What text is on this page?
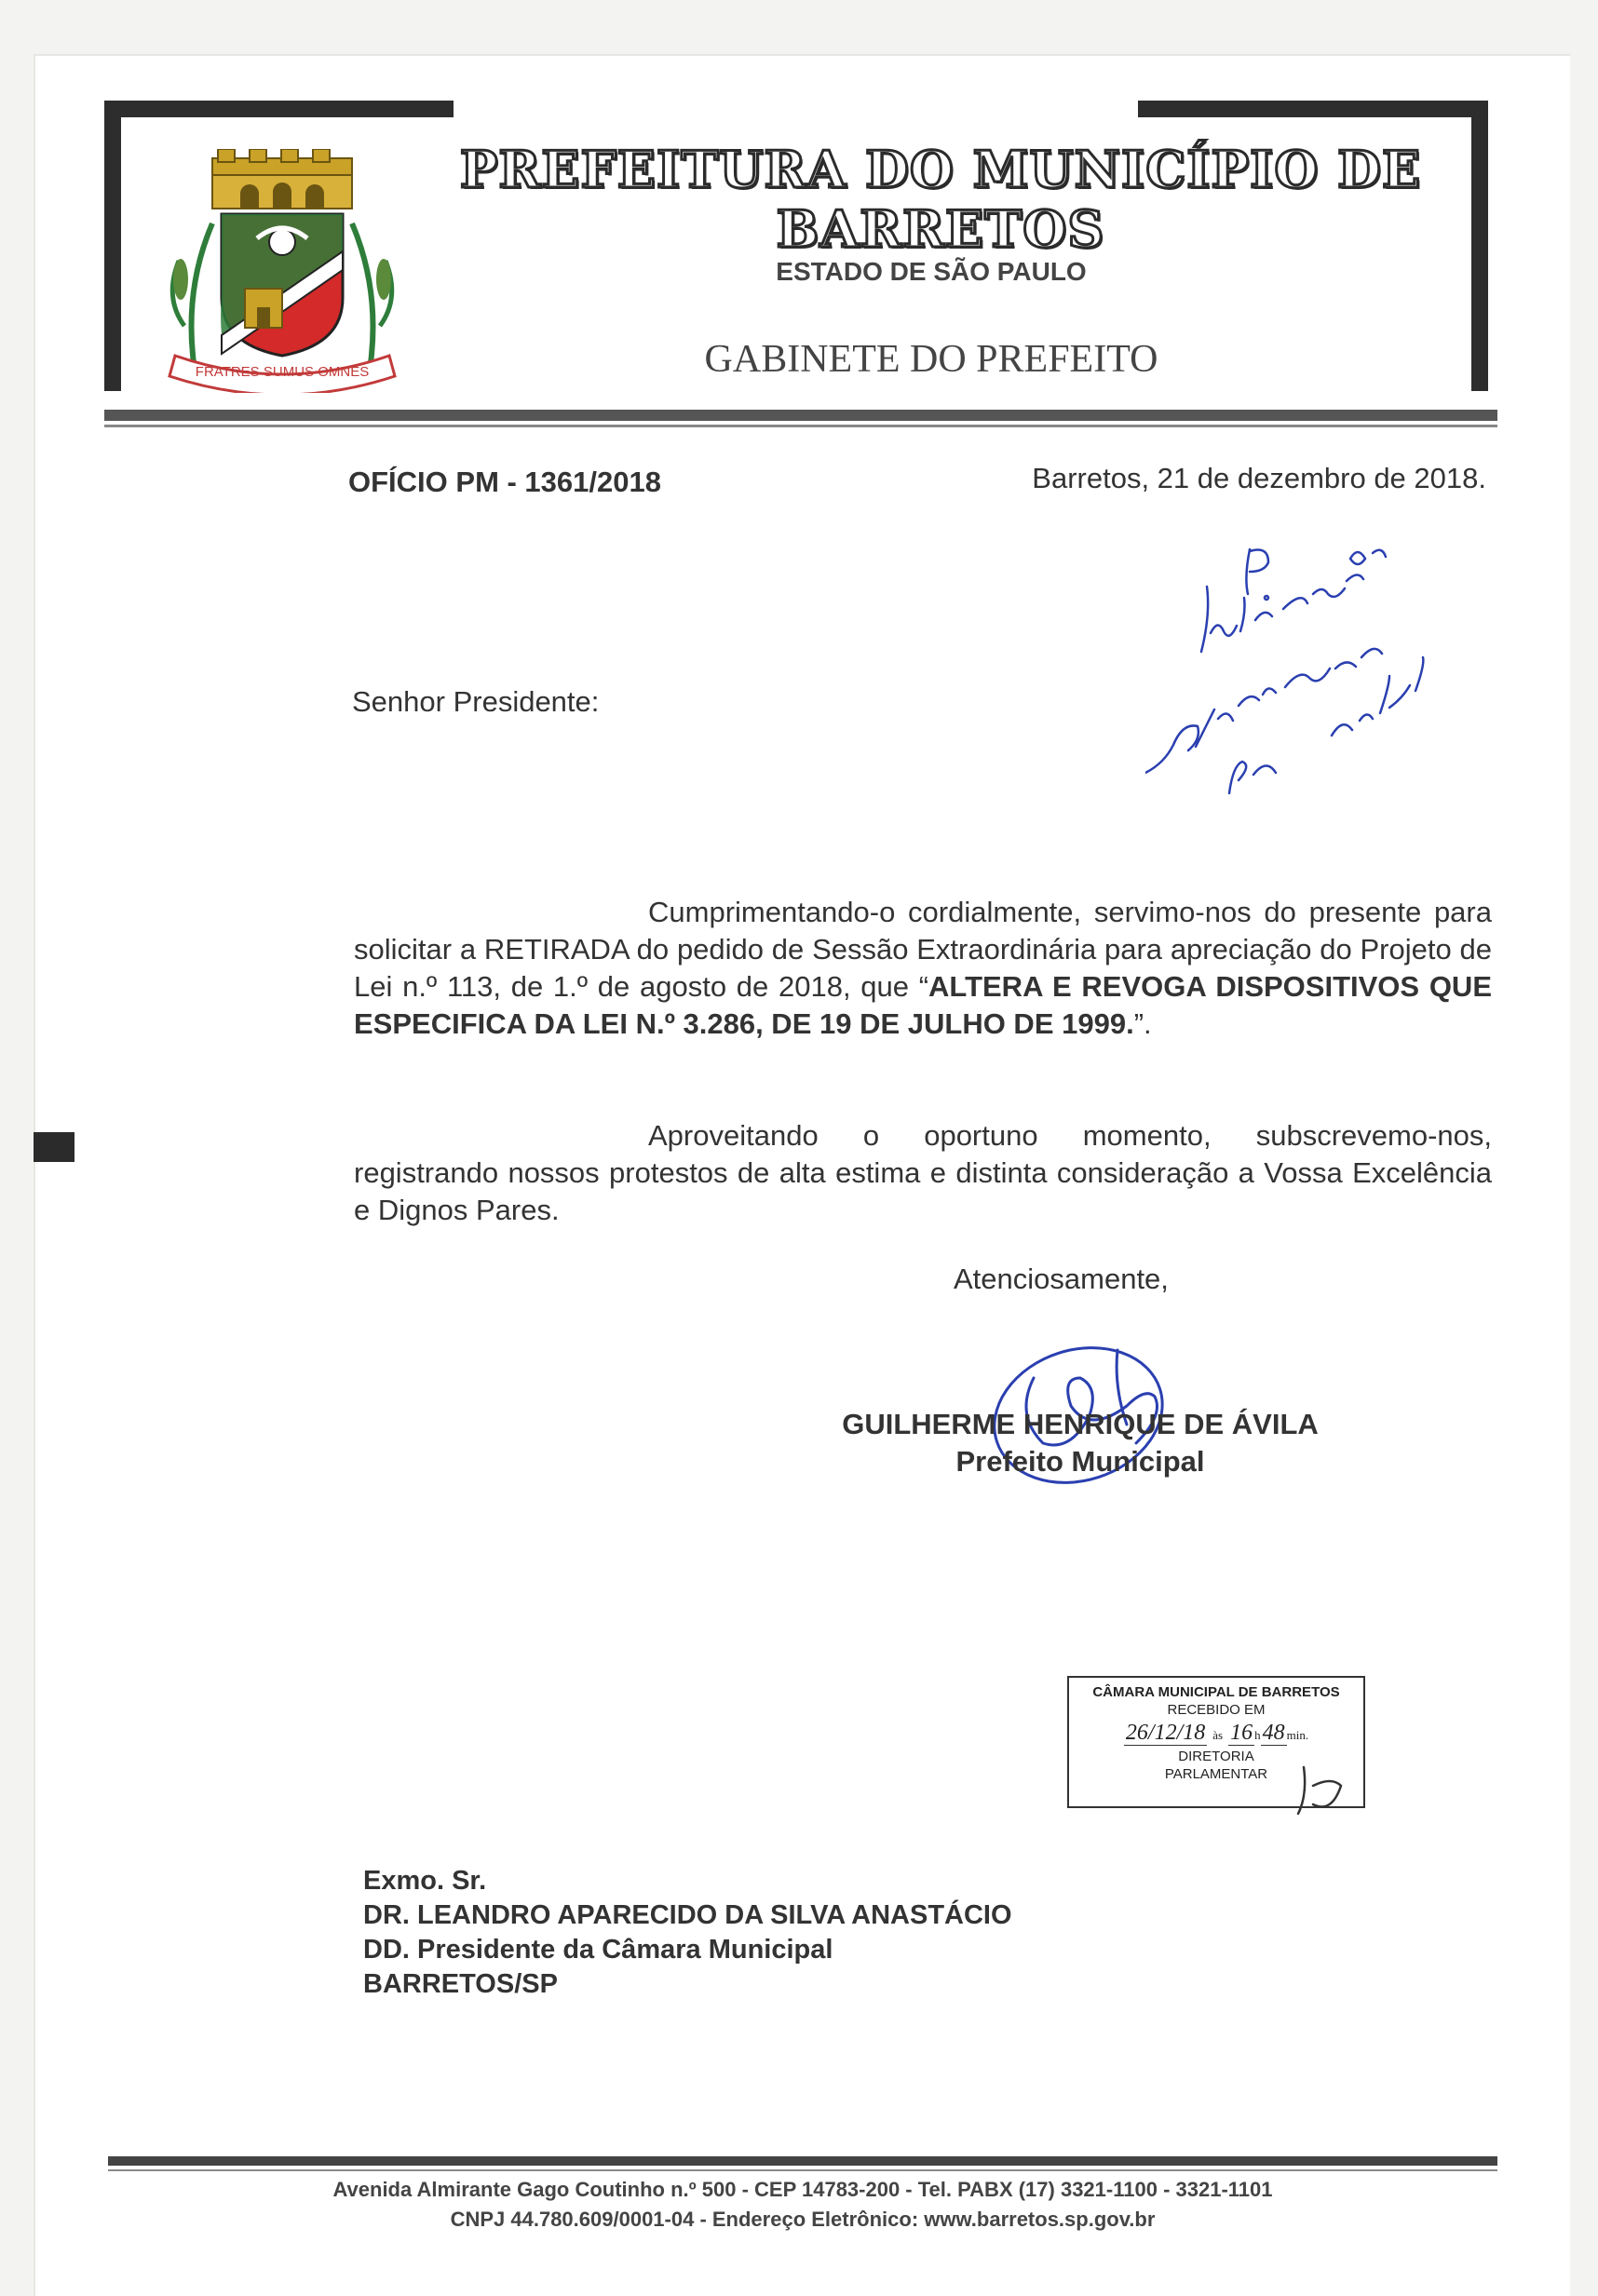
FRATRES SUMUS OMNES
PREFEITURA DO MUNICÍPIO DE BARRETOS
ESTADO DE SÃO PAULO
GABINETE DO PREFEITO
OFÍCIO PM - 1361/2018	Barretos, 21 de dezembro de 2018.
Senhor Presidente:
Cumprimentando-o cordialmente, servimo-nos do presente para solicitar a RETIRADA do pedido de Sessão Extraordinária para apreciação do Projeto de Lei n.º 113, de 1.º de agosto de 2018, que “ALTERA E REVOGA DISPOSITIVOS QUE ESPECIFICA DA LEI N.º 3.286, DE 19 DE JULHO DE 1999.”.
Aproveitando o oportuno momento, subscrevemo-nos, registrando nossos protestos de alta estima e distinta consideração a Vossa Excelência e Dignos Pares.
Atenciosamente,
GUILHERME HENRIQUE DE ÁVILA
Prefeito Municipal
CÂMARA MUNICIPAL DE BARRETOS
RECEBIDO EM
26/12/18 às 16 h48 min.
DIRETORIA
PARLAMENTAR
Exmo. Sr.
DR. LEANDRO APARECIDO DA SILVA ANASTÁCIO
DD. Presidente da Câmara Municipal
BARRETOS/SP
Avenida Almirante Gago Coutinho n.º 500 - CEP 14783-200 - Tel. PABX (17) 3321-1100 - 3321-1101
CNPJ 44.780.609/0001-04 - Endereço Eletrônico: www.barretos.sp.gov.br
